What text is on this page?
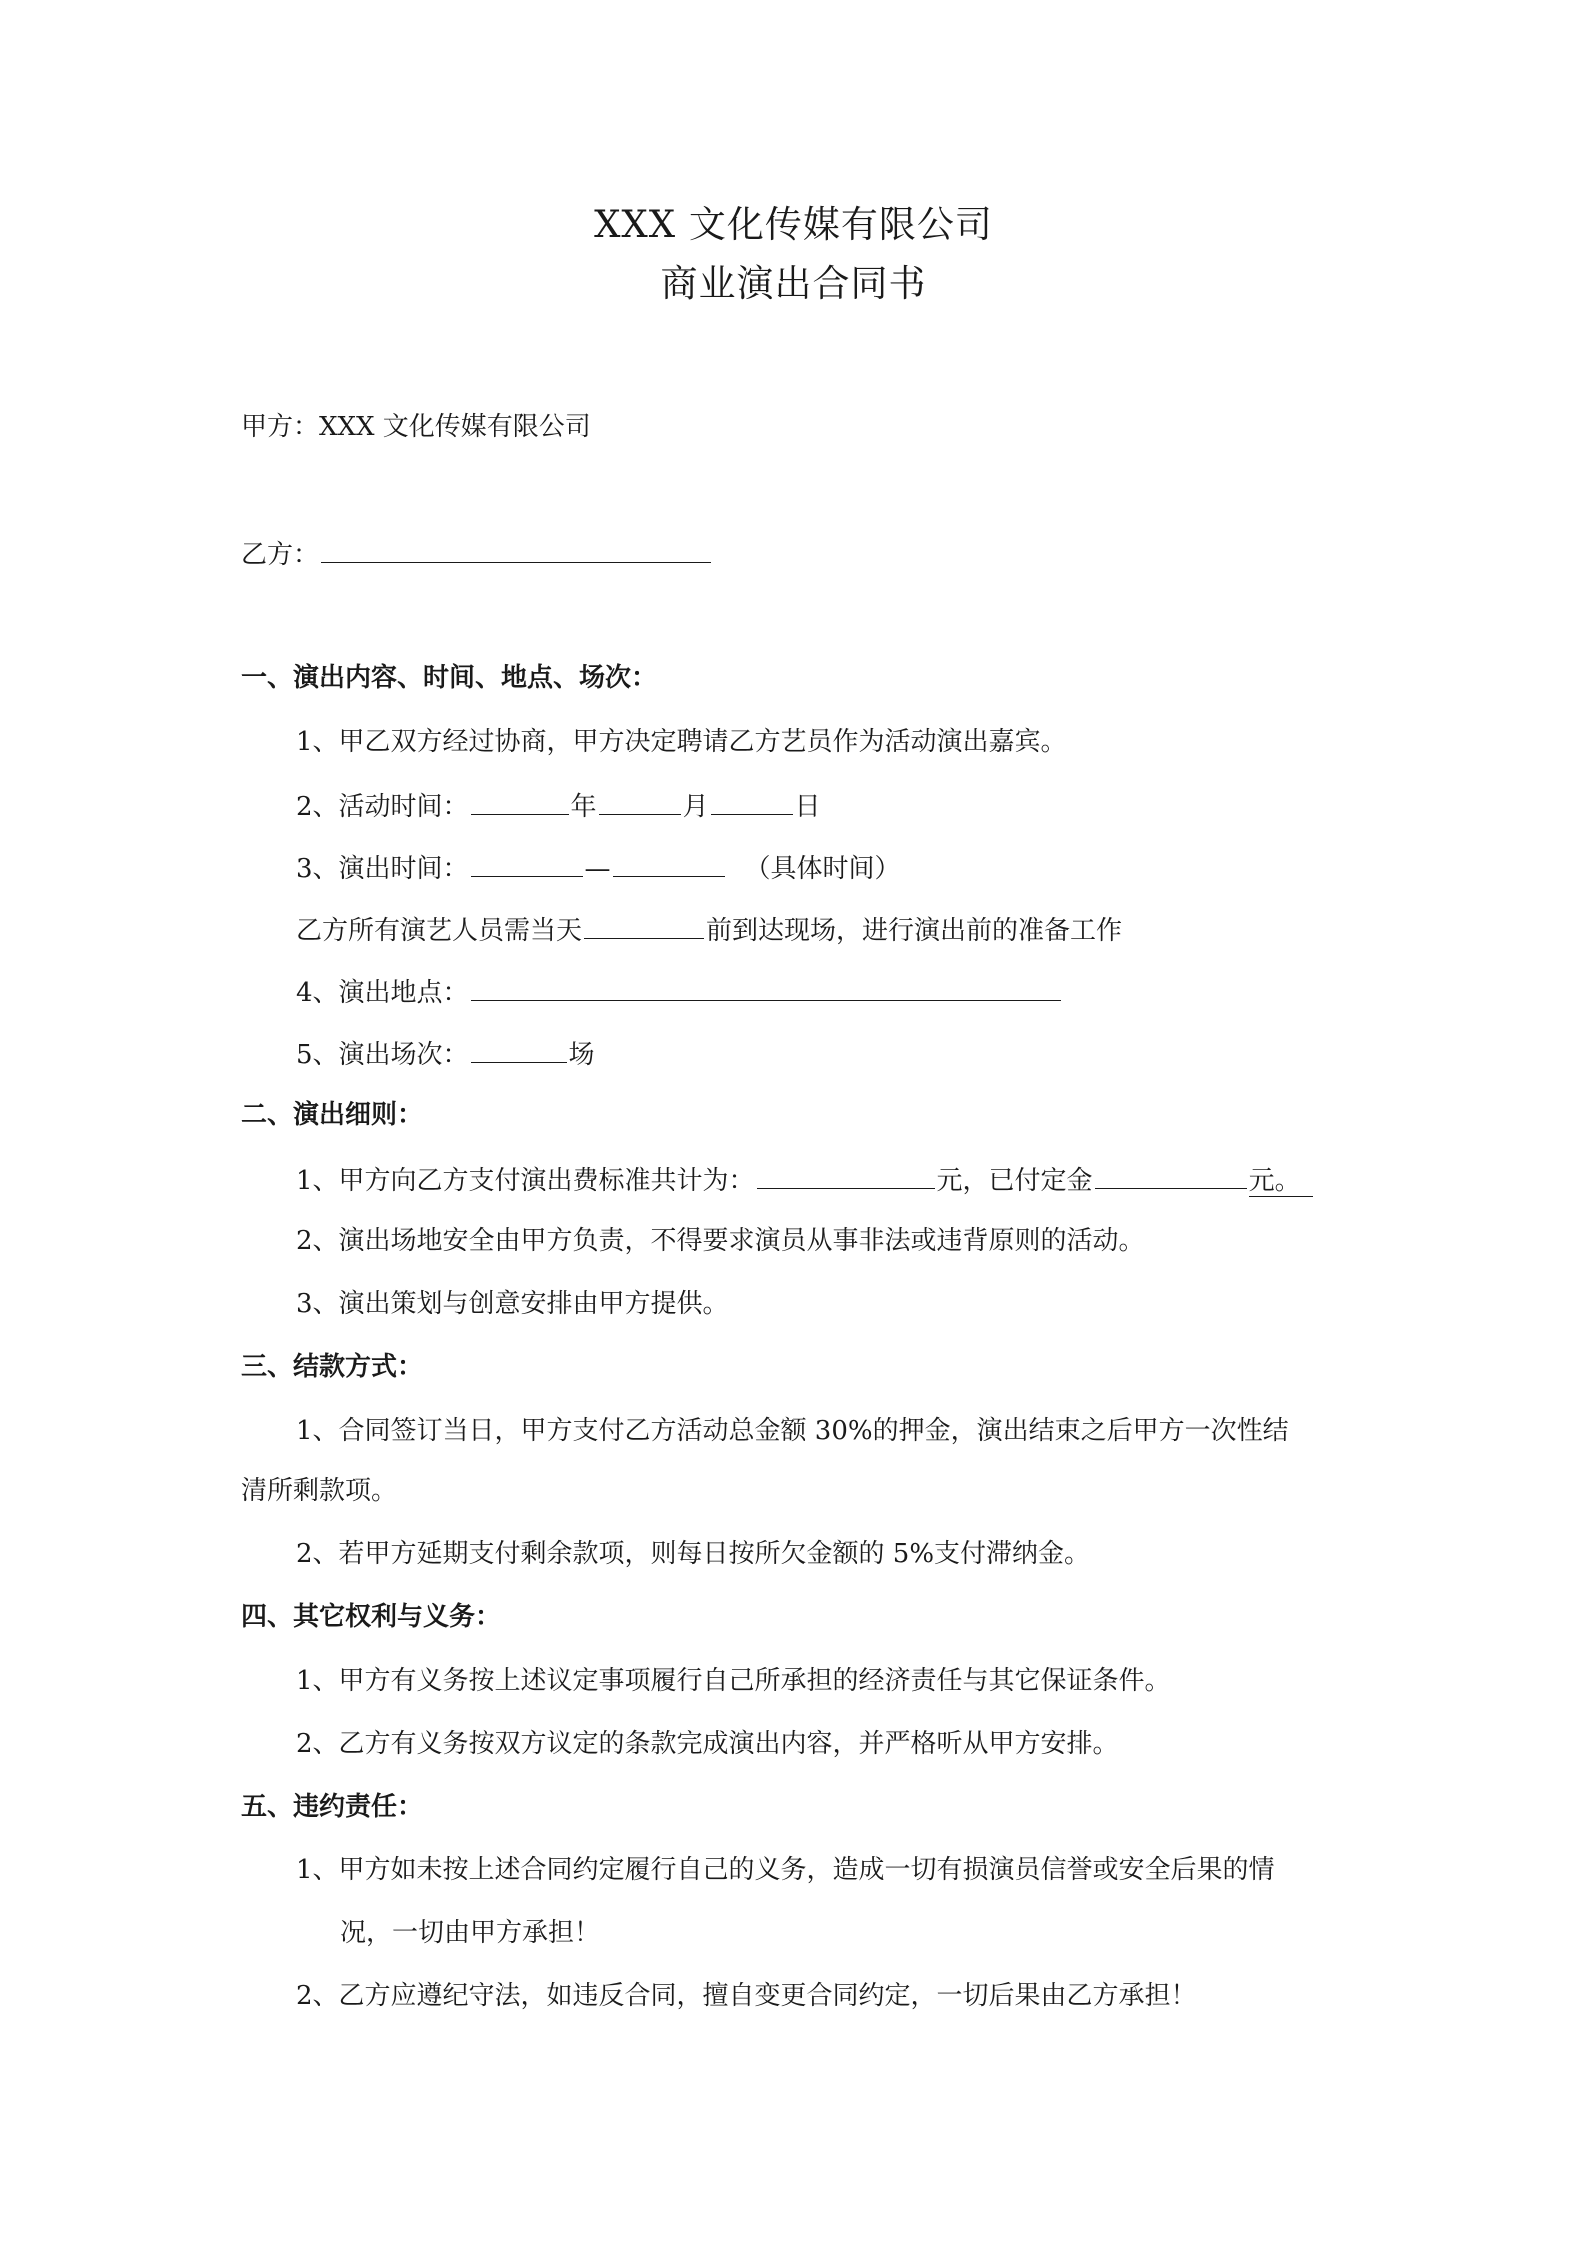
XXX 文化传媒有限公司
商业演出合同书
甲方：XXX 文化传媒有限公司
乙方：
一、演出内容、时间、地点、场次：
1、甲乙双方经过协商，甲方决定聘请乙方艺员作为活动演出嘉宾。
2、活动时间：	年	月	日
3、演出时间：	—	（具体时间）
乙方所有演艺人员需当天	前到达现场，进行演出前的准备工作
4、演出地点：
5、演出场次：	场
二、演出细则：
1、甲方向乙方支付演出费标准共计为：	元，已付定金	元。
2、演出场地安全由甲方负责，不得要求演员从事非法或违背原则的活动。
3、演出策划与创意安排由甲方提供。
三、结款方式：
1、合同签订当日，甲方支付乙方活动总金额 30%的押金，演出结束之后甲方一次性结
清所剩款项。
2、若甲方延期支付剩余款项，则每日按所欠金额的 5%支付滞纳金。
四、其它权利与义务：
1、甲方有义务按上述议定事项履行自己所承担的经济责任与其它保证条件。
2、乙方有义务按双方议定的条款完成演出内容，并严格听从甲方安排。
五、违约责任：
1、甲方如未按上述合同约定履行自己的义务，造成一切有损演员信誉或安全后果的情
况，一切由甲方承担！
2、乙方应遵纪守法，如违反合同，擅自变更合同约定，一切后果由乙方承担！
